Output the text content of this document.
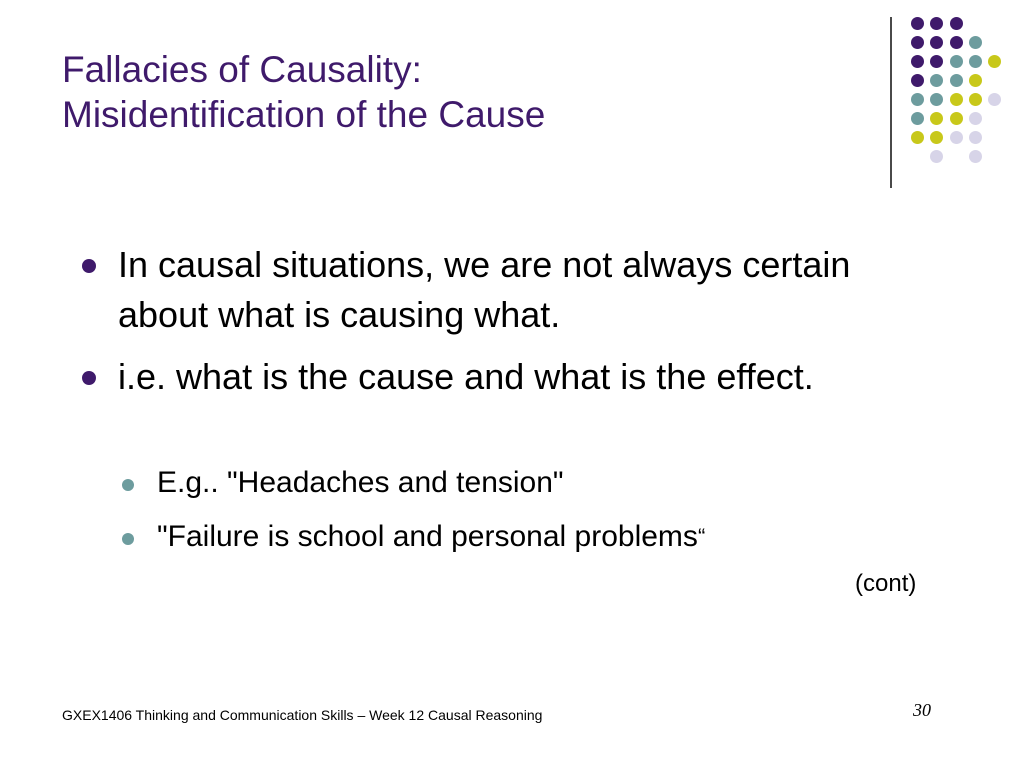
Fallacies of Causality:
Misidentification of the Cause
In causal situations, we are not always certain about what is causing what.
i.e. what is the cause and what is the effect.
E.g.. "Headaches and tension"
"Failure is school and personal problems“
(cont)
GXEX1406 Thinking and Communication Skills – Week 12 Causal Reasoning	30
